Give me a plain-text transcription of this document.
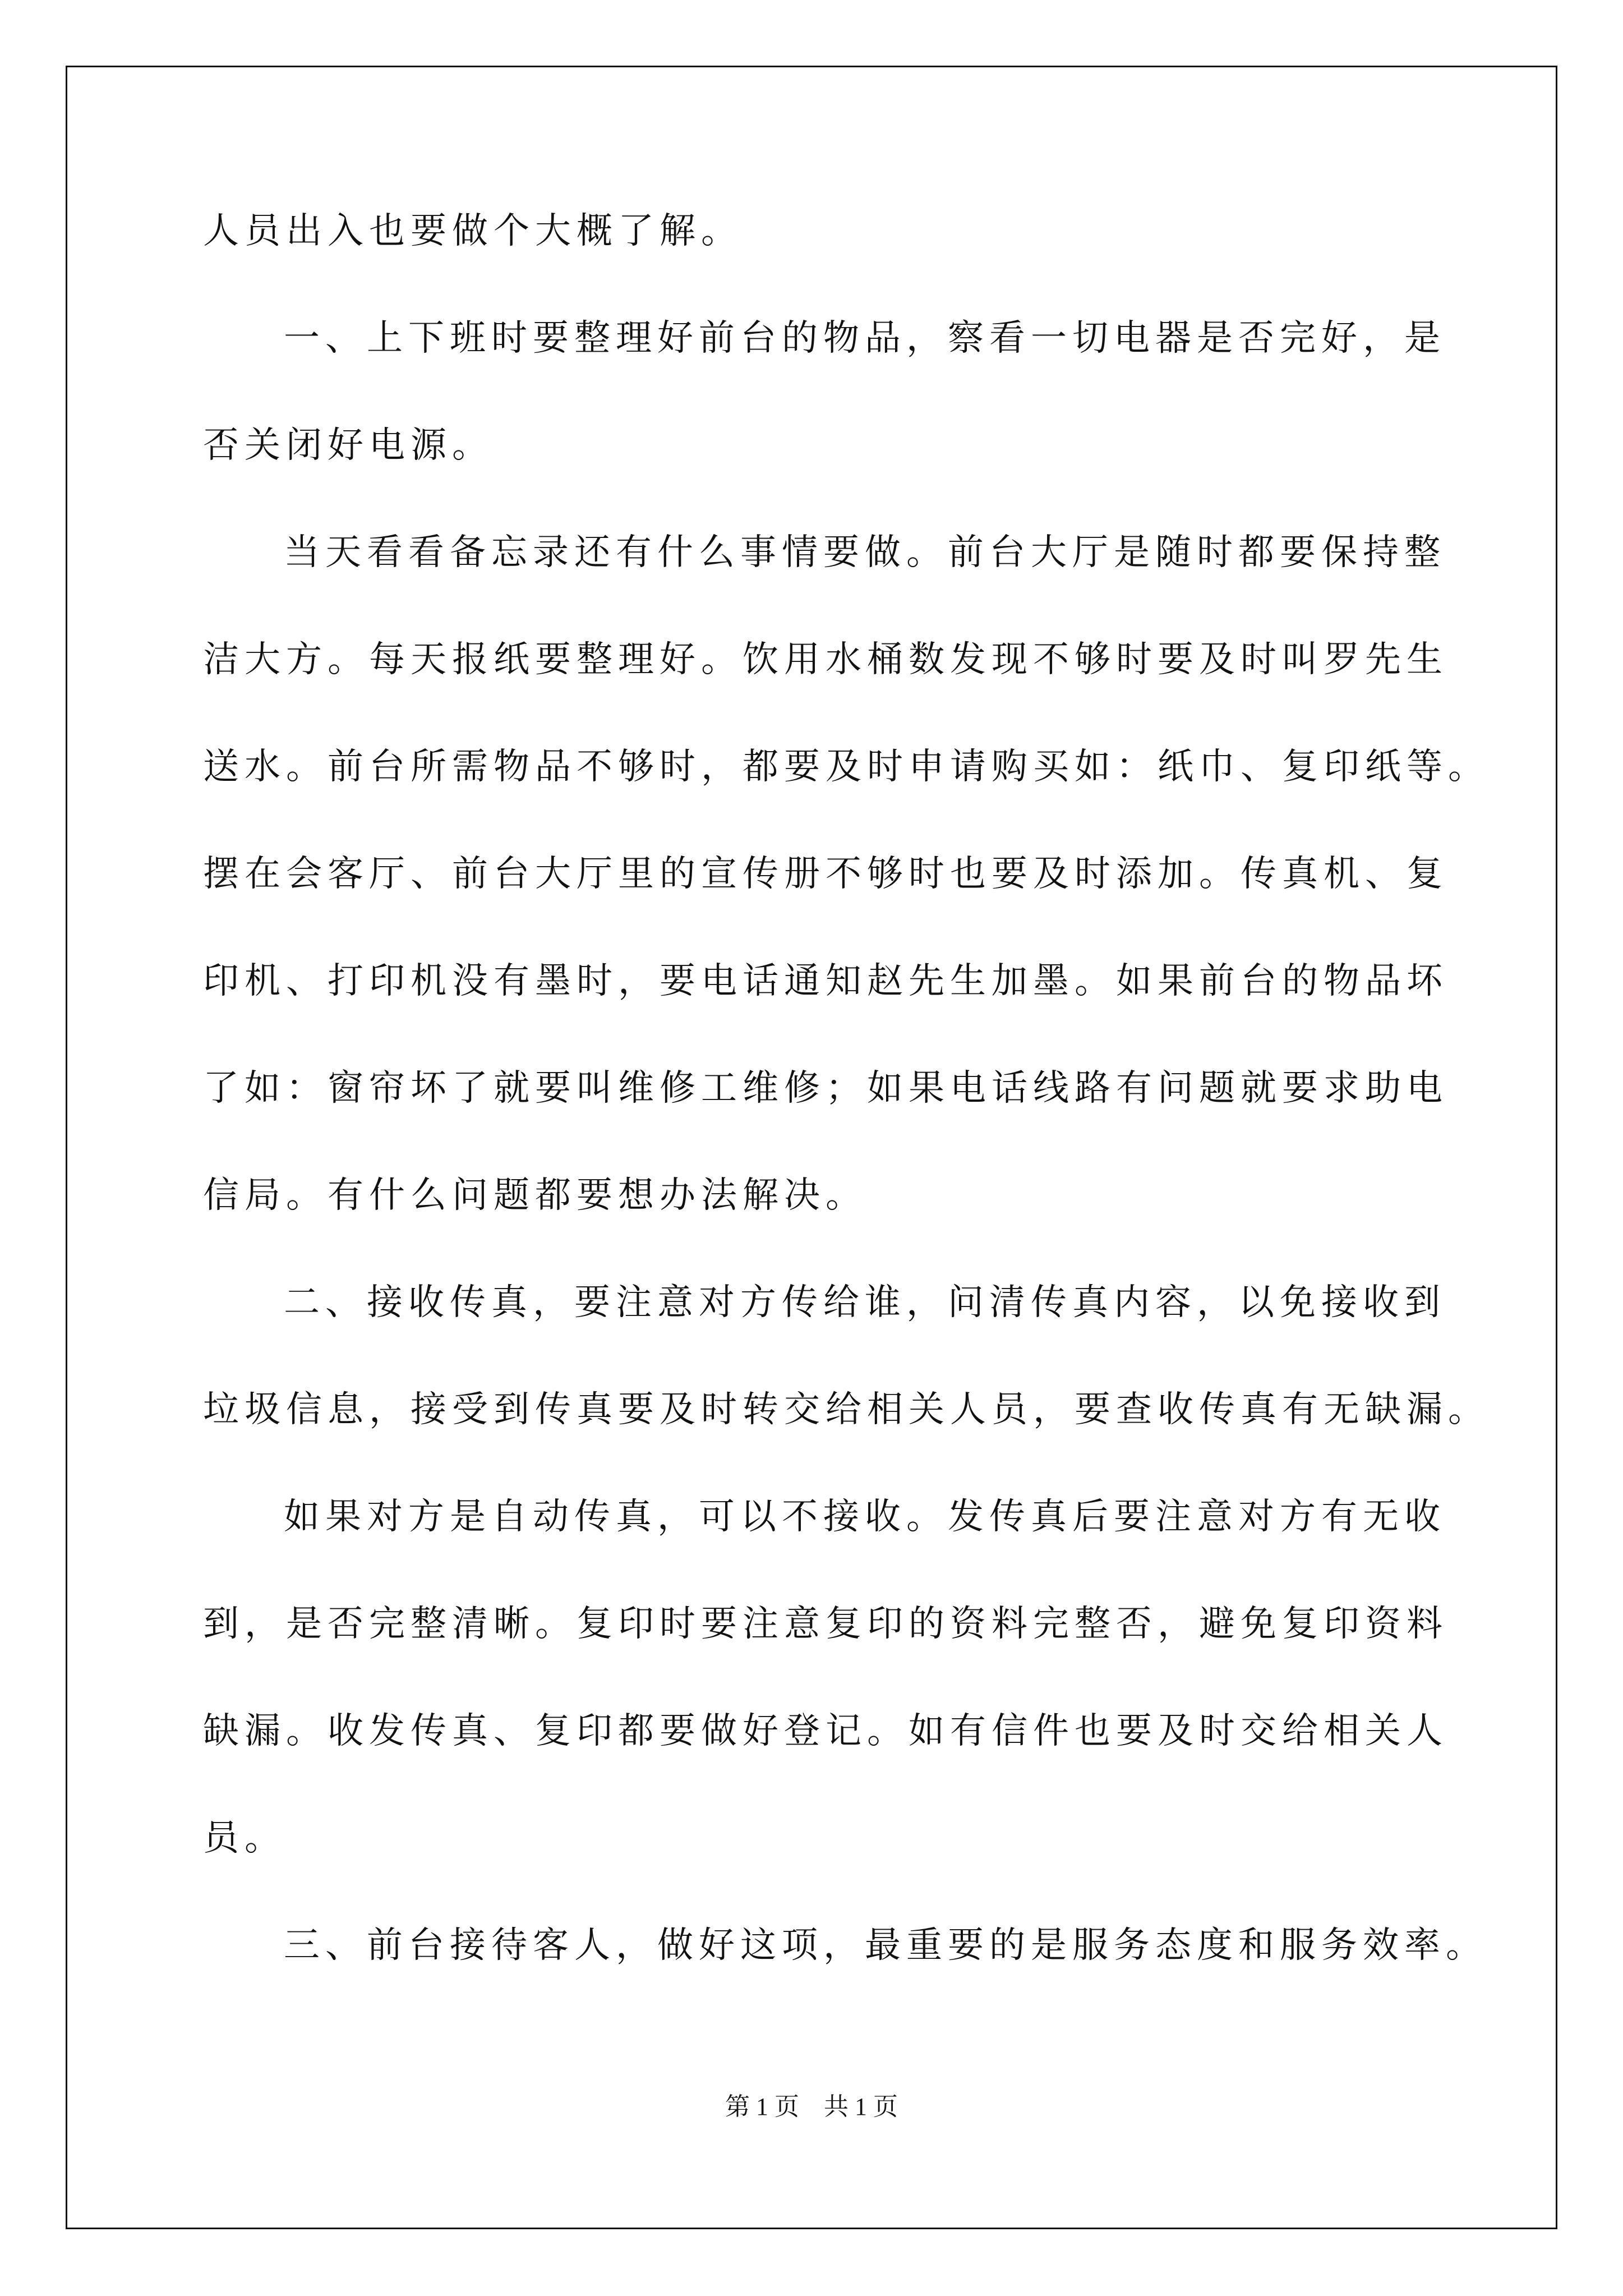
人员出入也要做个大概了解。
一、上下班时要整理好前台的物品，察看一切电器是否完好，是
否关闭好电源。
当天看看备忘录还有什么事情要做。前台大厅是随时都要保持整
洁大方。每天报纸要整理好。饮用水桶数发现不够时要及时叫罗先生
送水。前台所需物品不够时，都要及时申请购买如：纸巾、复印纸等。
摆在会客厅、前台大厅里的宣传册不够时也要及时添加。传真机、复
印机、打印机没有墨时，要电话通知赵先生加墨。如果前台的物品坏
了如：窗帘坏了就要叫维修工维修；如果电话线路有问题就要求助电
信局。有什么问题都要想办法解决。
二、接收传真，要注意对方传给谁，问清传真内容，以免接收到
垃圾信息，接受到传真要及时转交给相关人员，要查收传真有无缺漏。
如果对方是自动传真，可以不接收。发传真后要注意对方有无收
到，是否完整清晰。复印时要注意复印的资料完整否，避免复印资料
缺漏。收发传真、复印都要做好登记。如有信件也要及时交给相关人
员。
三、前台接待客人，做好这项，最重要的是服务态度和服务效率。
第 1 页    共 1 页
